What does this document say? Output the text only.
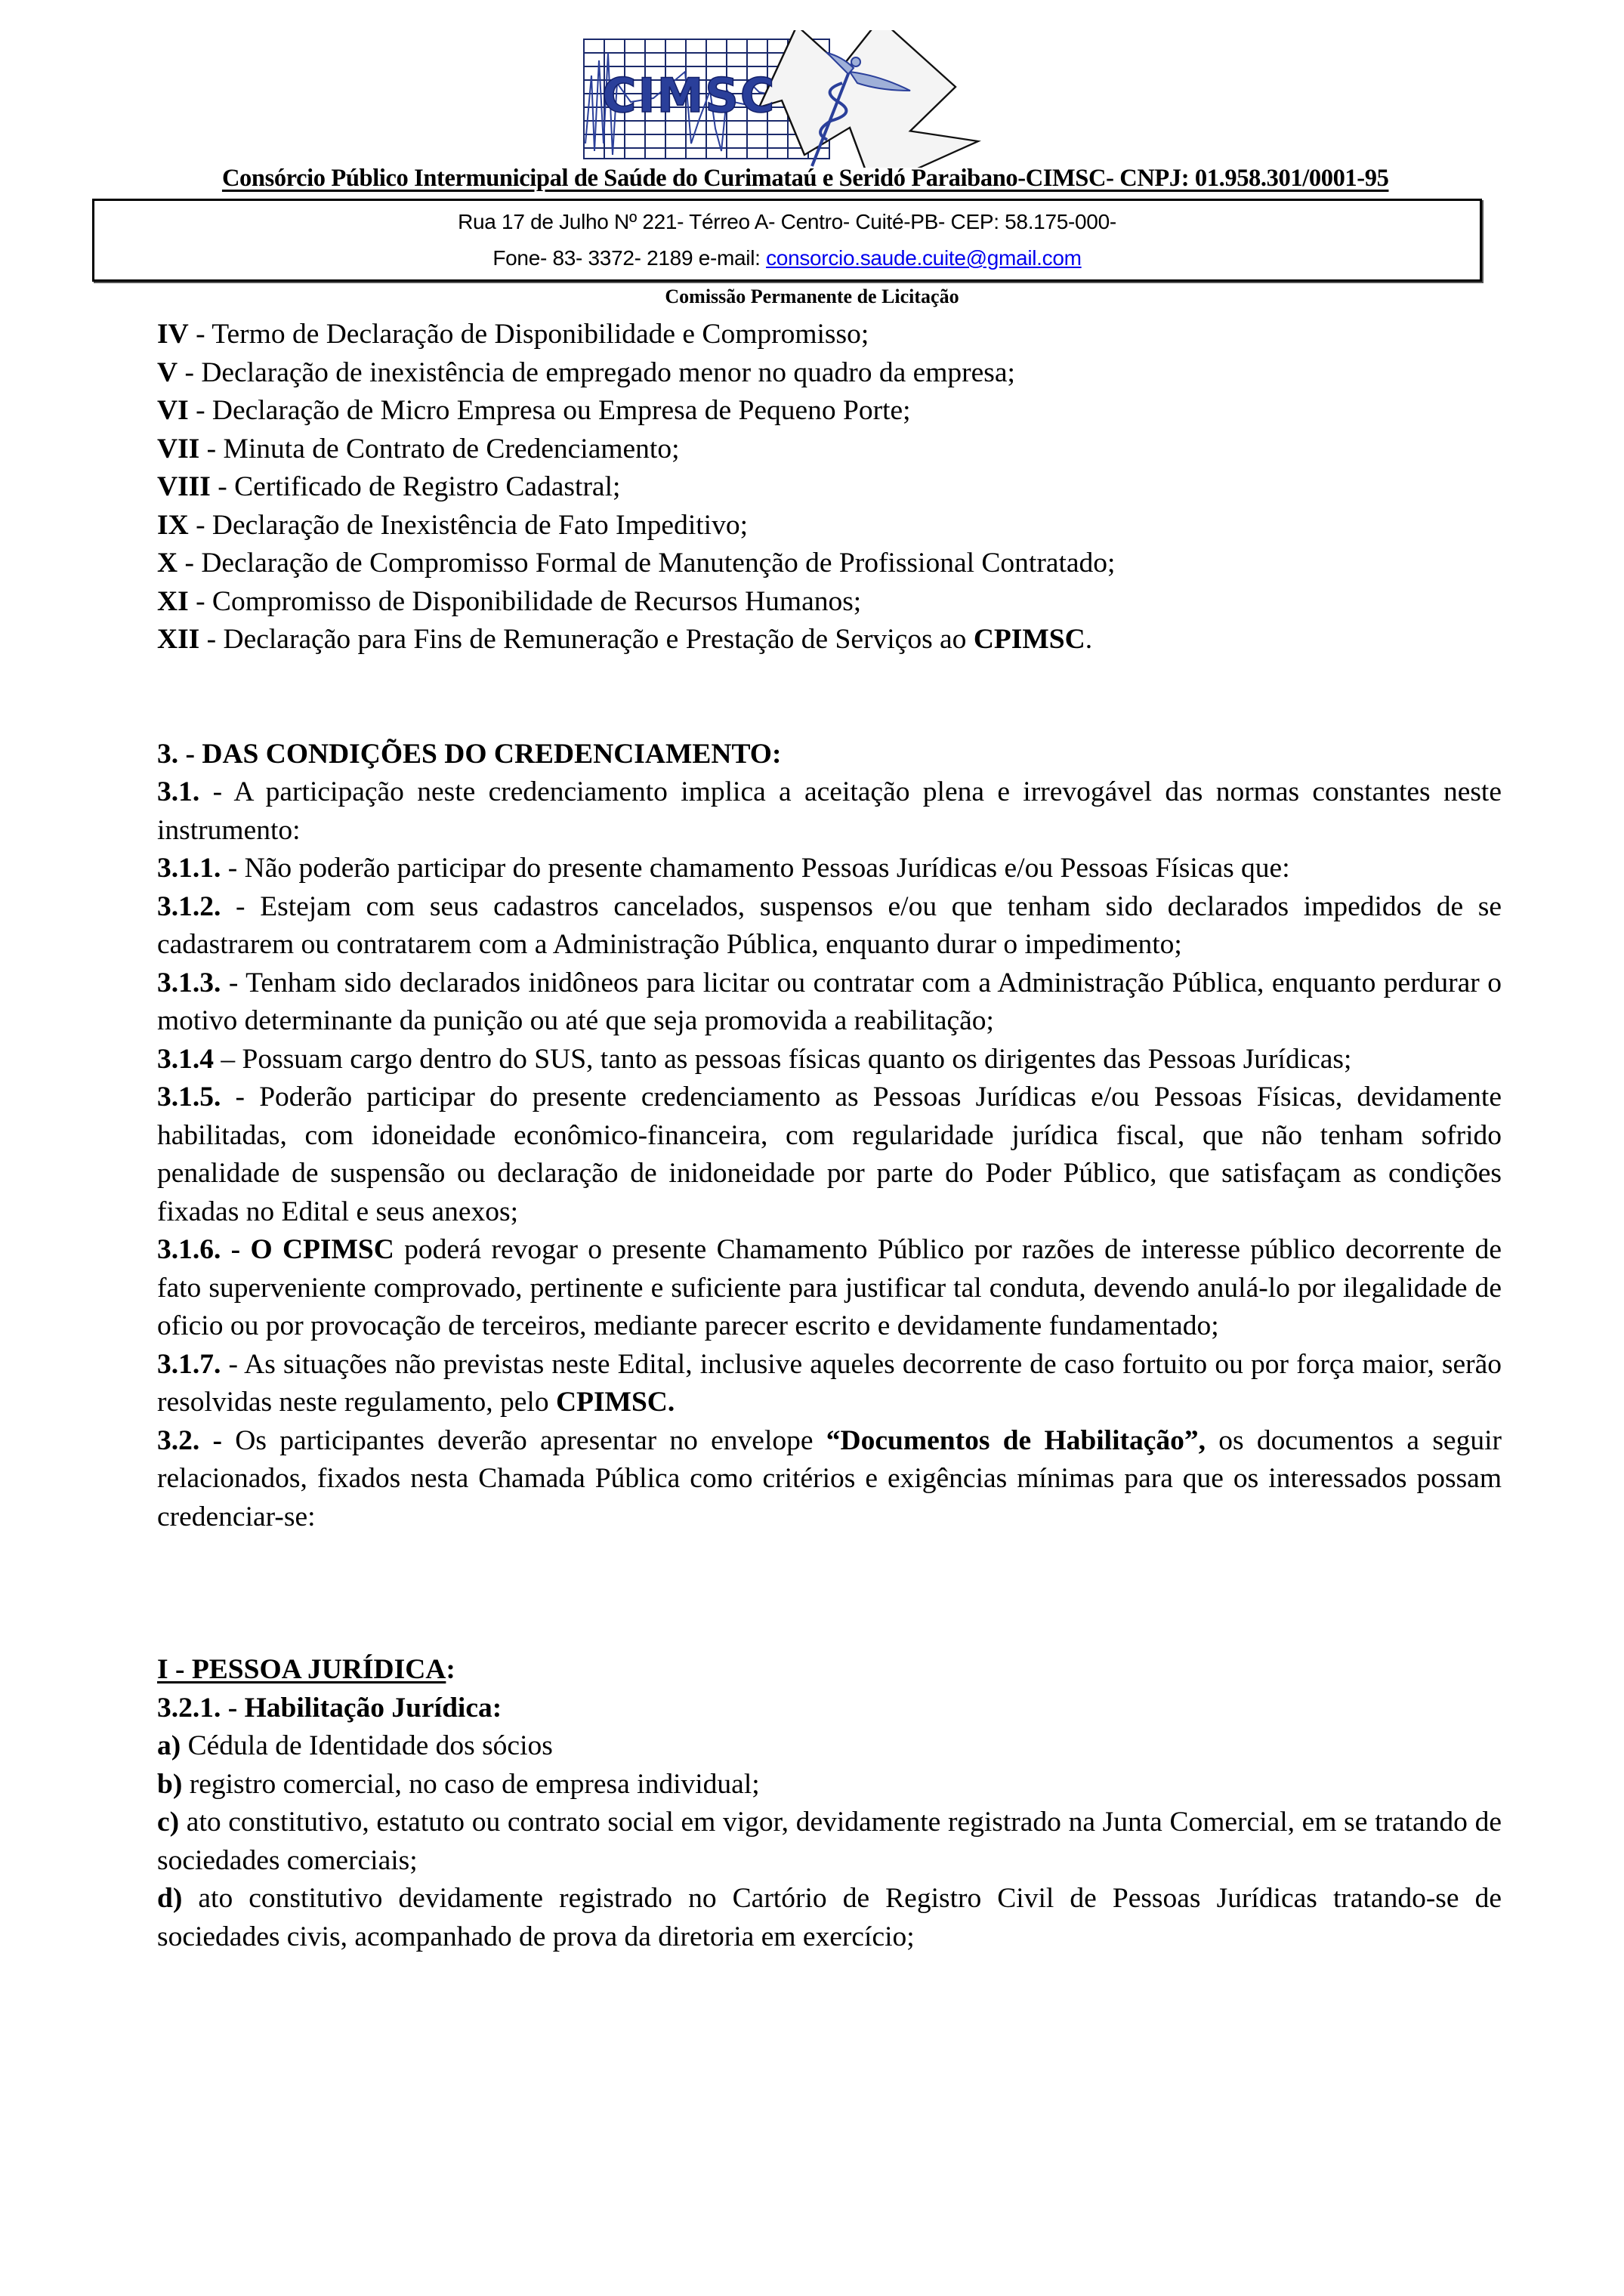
CIMSC
Consórcio Público Intermunicipal de Saúde do Curimataú e Seridó Paraibano-CIMSC- CNPJ: 01.958.301/0001-95
Rua 17 de Julho Nº 221- Térreo A- Centro- Cuité-PB- CEP: 58.175-000-
Fone- 83- 3372- 2189 e-mail: consorcio.saude.cuite@gmail.com
Comissão Permanente de Licitação

IV - Termo de Declaração de Disponibilidade e Compromisso;

V - Declaração de inexistência de empregado menor no quadro da empresa;

VI - Declaração de Micro Empresa ou Empresa de Pequeno Porte;

VII - Minuta de Contrato de Credenciamento;

VIII - Certificado de Registro Cadastral;

IX - Declaração de Inexistência de Fato Impeditivo;

X - Declaração de Compromisso Formal de Manutenção de Profissional Contratado;

XI - Compromisso de Disponibilidade de Recursos Humanos;

XII - Declaração para Fins de Remuneração e Prestação de Serviços ao CPIMSC.

3. - DAS CONDIÇÕES DO CREDENCIAMENTO:

3.1. - A participação neste credenciamento implica a aceitação plena e irrevogável das normas constantes neste instrumento:

3.1.1. - Não poderão participar do presente chamamento Pessoas Jurídicas e/ou Pessoas Físicas que:

3.1.2. - Estejam com seus cadastros cancelados, suspensos e/ou que tenham sido declarados impedidos de se cadastrarem ou contratarem com a Administração Pública, enquanto durar o impedimento;

3.1.3. - Tenham sido declarados inidôneos para licitar ou contratar com a Administração Pública, enquanto perdurar o motivo determinante da punição ou até que seja promovida a reabilitação;

3.1.4 – Possuam cargo dentro do SUS, tanto as pessoas físicas quanto os dirigentes das Pessoas Jurídicas;

3.1.5. - Poderão participar do presente credenciamento as Pessoas Jurídicas e/ou Pessoas Físicas, devidamente habilitadas, com idoneidade econômico-financeira, com regularidade jurídica fiscal, que não tenham sofrido penalidade de suspensão ou declaração de inidoneidade por parte do Poder Público, que satisfaçam as condições fixadas no Edital e seus anexos;

3.1.6. - O CPIMSC poderá revogar o presente Chamamento Público por razões de interesse público decorrente de fato superveniente comprovado, pertinente e suficiente para justificar tal conduta, devendo anulá-lo por ilegalidade de oficio ou por provocação de terceiros, mediante parecer escrito e devidamente fundamentado;

3.1.7. - As situações não previstas neste Edital, inclusive aqueles decorrente de caso fortuito ou por força maior, serão resolvidas neste regulamento, pelo CPIMSC.

3.2. - Os participantes deverão apresentar no envelope “Documentos de Habilitação”, os documentos a seguir relacionados, fixados nesta Chamada Pública como critérios e exigências mínimas para que os interessados possam credenciar-se:

I - PESSOA JURÍDICA:

3.2.1. - Habilitação Jurídica:

a) Cédula de Identidade dos sócios

b) registro comercial, no caso de empresa individual;

c) ato constitutivo, estatuto ou contrato social em vigor, devidamente registrado na Junta Comercial, em se tratando de sociedades comerciais;

d) ato constitutivo devidamente registrado no Cartório de Registro Civil de Pessoas Jurídicas tratando-se de sociedades civis, acompanhado de prova da diretoria em exercício;
